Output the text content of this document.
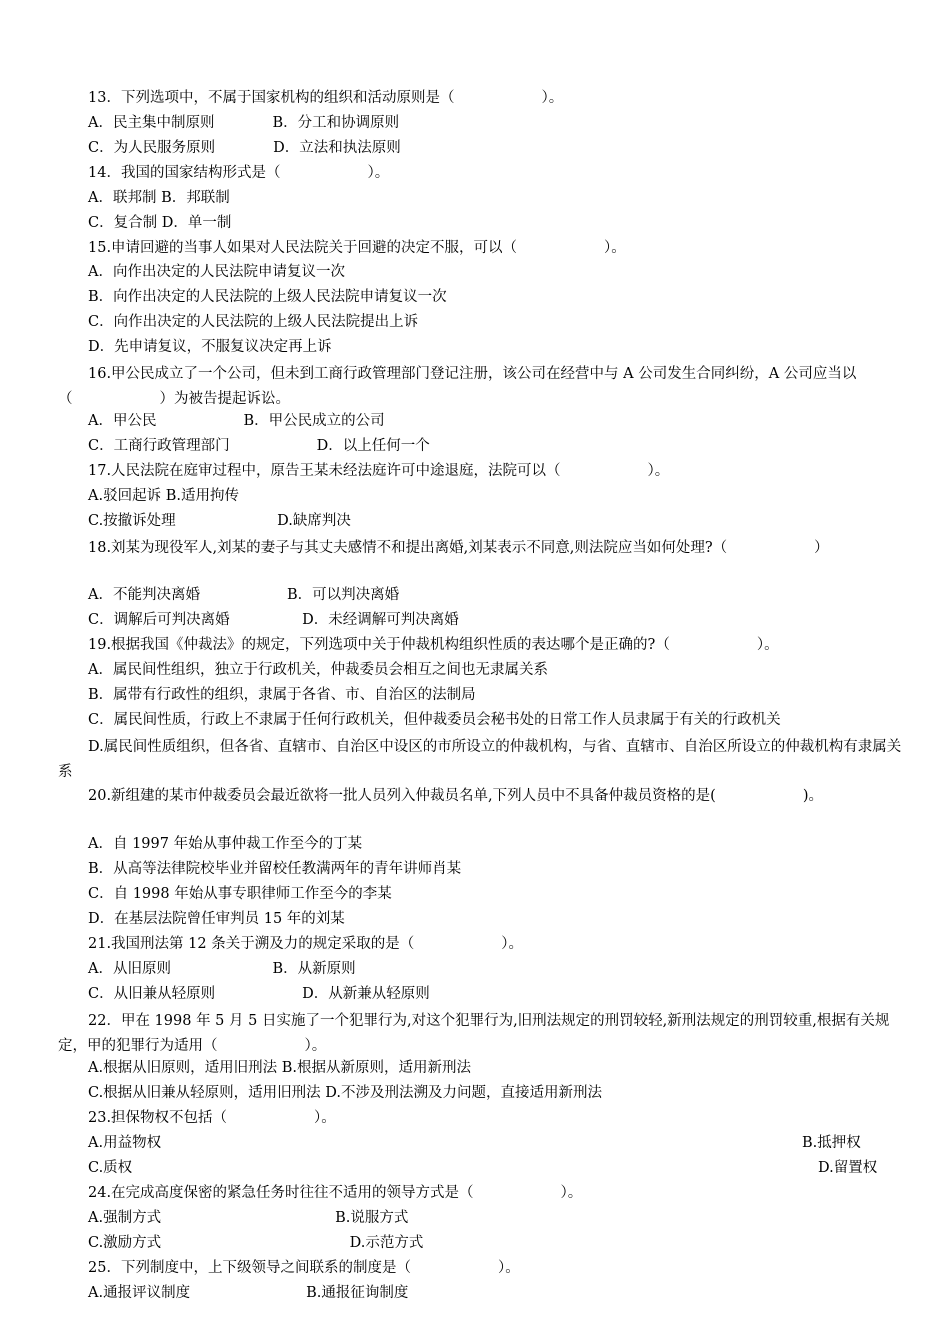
13．下列选项中，不属于国家机构的组织和活动原则是（　　　　　　）。
A．民主集中制原则　　　　B．分工和协调原则
C．为人民服务原则　　　　D．立法和执法原则
14．我国的国家结构形式是（　　　　　　）。
A．联邦制 B．邦联制
C．复合制 D．单一制
15.申请回避的当事人如果对人民法院关于回避的决定不服，可以（　　　　　　）。
A．向作出决定的人民法院申请复议一次
B．向作出决定的人民法院的上级人民法院申请复议一次
C．向作出决定的人民法院的上级人民法院提出上诉
D．先申请复议，不服复议决定再上诉
16.甲公民成立了一个公司，但未到工商行政管理部门登记注册，该公司在经营中与 A 公司发生合同纠纷，A 公司应当以（　　　　　　）为被告提起诉讼。
A．甲公民　　　　　　B．甲公民成立的公司
C．工商行政管理部门　　　　　　D．以上任何一个
17.人民法院在庭审过程中，原告王某未经法庭许可中途退庭，法院可以（　　　　　　）。
A.驳回起诉 B.适用拘传
C.按撤诉处理　　　　　　　D.缺席判决
18.刘某为现役军人,刘某的妻子与其丈夫感情不和提出离婚,刘某表示不同意,则法院应当如何处理?（　　　　　　）
A．不能判决离婚　　　　　　B．可以判决离婚
C．调解后可判决离婚　　　　　D．未经调解可判决离婚
19.根据我国《仲裁法》的规定，下列选项中关于仲裁机构组织性质的表达哪个是正确的?（　　　　　　）。
A．属民间性组织，独立于行政机关，仲裁委员会相互之间也无隶属关系
B．属带有行政性的组织，隶属于各省、市、自治区的法制局
C．属民间性质，行政上不隶属于任何行政机关，但仲裁委员会秘书处的日常工作人员隶属于有关的行政机关
D.属民间性质组织，但各省、直辖市、自治区中设区的市所设立的仲裁机构，与省、直辖市、自治区所设立的仲裁机构有隶属关系
20.新组建的某市仲裁委员会最近欲将一批人员列入仲裁员名单,下列人员中不具备仲裁员资格的是(　　　　　　)。
A．自 1997 年始从事仲裁工作至今的丁某
B．从高等法律院校毕业并留校任教满两年的青年讲师肖某
C．自 1998 年始从事专职律师工作至今的李某
D．在基层法院曾任审判员 15 年的刘某
21.我国刑法第 12 条关于溯及力的规定采取的是（　　　　　　）。
A．从旧原则　　　　　　　B．从新原则
C．从旧兼从轻原则　　　　　　D．从新兼从轻原则
22．甲在 1998 年 5 月 5 日实施了一个犯罪行为,对这个犯罪行为,旧刑法规定的刑罚较轻,新刑法规定的刑罚较重,根据有关规定，甲的犯罪行为适用（　　　　　　）。
A.根据从旧原则，适用旧刑法 B.根据从新原则，适用新刑法
C.根据从旧兼从轻原则，适用旧刑法 D.不涉及刑法溯及力问题，直接适用新刑法
23.担保物权不包括（　　　　　　）。
A.用益物权	B.抵押权
C.质权	D.留置权
24.在完成高度保密的紧急任务时往往不适用的领导方式是（　　　　　　）。
A.强制方式　　　　　　　　　　　　B.说服方式
C.激励方式　　　　　　　　　　　　　D.示范方式
25．下列制度中，上下级领导之间联系的制度是（　　　　　　）。
A.通报评议制度　　　　　　　　B.通报征询制度
